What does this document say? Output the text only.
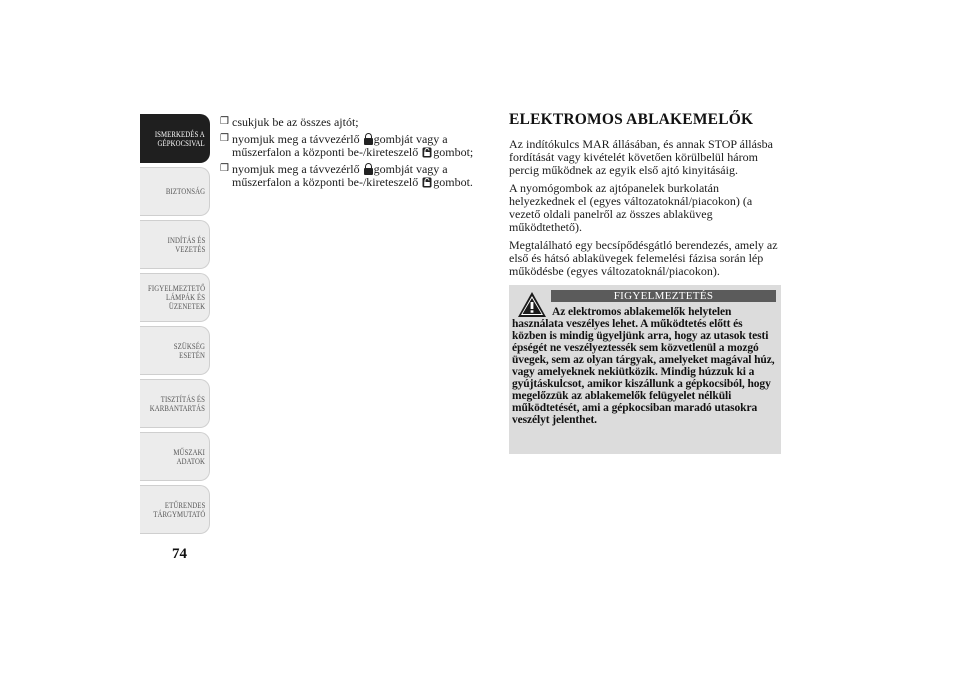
ISMERKEDÉS A
GÉPKOCSIVAL
BIZTONSÁG
INDÍTÁS ÉS
VEZETÉS
FIGYELMEZTETŐ
LÁMPÁK ÉS
ÜZENETEK
SZÜKSÉG ESETÉN
TISZTÍTÁS ÉS
KARBANTARTÁS
MŰSZAKI ADATOK
ETŰRENDES
TÁRGYMUTATÓ
74
❒ csukjuk be az összes ajtót;
❒ nyomjuk meg a távvezérlő
gombját vagy a
műszerfalon a központi be-/kireteszelő gombot;
❒ nyomjuk meg a távvezérlő
gombját vagy a
műszerfalon a központi be-/kireteszelő gombot.
ELEKTROMOS ABLAKEMELŐK

Az indítókulcs MAR állásában, és annak STOP állásba fordítását vagy kivételét követően körülbelül három percig működnek az egyik első ajtó kinyitásáig.

A nyomógombok az ajtópanelek burkolatán helyezkednek el (egyes változatoknál/piacokon) (a vezető oldali panelről az összes ablaküveg működtethető).

Megtalálható egy becsípődésgátló berendezés, amely az első és hátsó ablaküvegek felemelési fázisa során lép működésbe (egyes változatoknál/piacokon).

FIGYELMEZTETÉS
Az elektromos ablakemelők helytelen használata veszélyes lehet. A működtetés előtt és közben is mindig ügyeljünk arra, hogy az utasok testi épségét ne veszélyeztessék sem közvetlenül a mozgó üvegek, sem az olyan tárgyak, amelyeket magával húz, vagy amelyeknek nekiütközik. Mindig húzzuk ki a gyújtáskulcsot, amikor kiszállunk a gépkocsiból, hogy megelőzzük az ablakemelők felügyelet nélküli működtetését, ami a gépkocsiban maradó utasokra veszélyt jelenthet.
